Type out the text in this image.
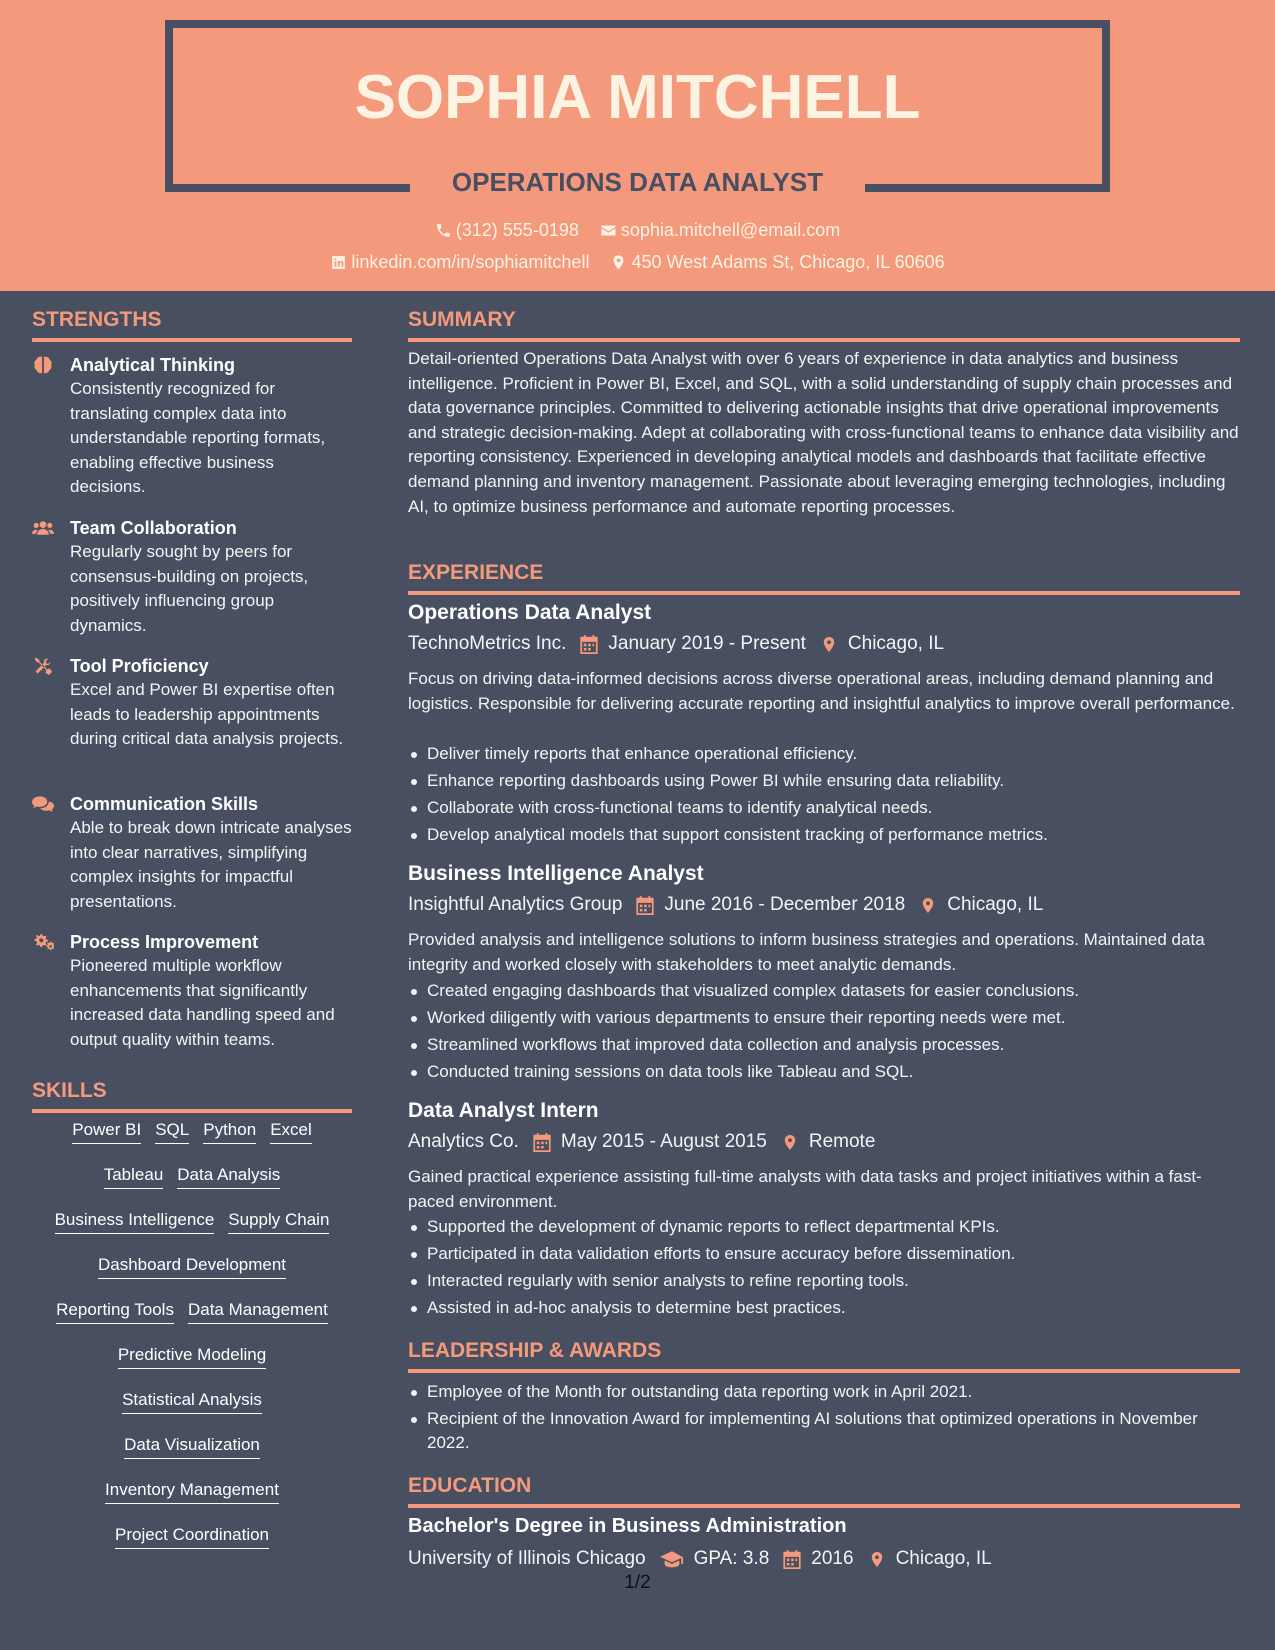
SOPHIA MITCHELL
OPERATIONS DATA ANALYST
(312) 555-0198
sophia.mitchell@email.com
linkedin.com/in/sophiamitchell
450 West Adams St, Chicago, IL 60606
STRENGTHS
Analytical Thinking
Consistently recognized for translating complex data into understandable reporting formats, enabling effective business decisions.
Team Collaboration
Regularly sought by peers for consensus-building on projects, positively influencing group dynamics.
Tool Proficiency
Excel and Power BI expertise often leads to leadership appointments during critical data analysis projects.
Communication Skills
Able to break down intricate analyses into clear narratives, simplifying complex insights for impactful presentations.
Process Improvement
Pioneered multiple workflow enhancements that significantly increased data handling speed and output quality within teams.
SKILLS
Power BI SQL Python Excel
Tableau Data Analysis
Business Intelligence Supply Chain
Dashboard Development
Reporting Tools Data Management
Predictive Modeling
Statistical Analysis
Data Visualization
Inventory Management
Project Coordination
SUMMARY
Detail-oriented Operations Data Analyst with over 6 years of experience in data analytics and business intelligence. Proficient in Power BI, Excel, and SQL, with a solid understanding of supply chain processes and data governance principles. Committed to delivering actionable insights that drive operational improvements and strategic decision-making. Adept at collaborating with cross-functional teams to enhance data visibility and reporting consistency. Experienced in developing analytical models and dashboards that facilitate effective demand planning and inventory management. Passionate about leveraging emerging technologies, including AI, to optimize business performance and automate reporting processes.
EXPERIENCE
Operations Data Analyst
TechnoMetrics Inc. January 2019 - Present Chicago, IL
Focus on driving data-informed decisions across diverse operational areas, including demand planning and logistics. Responsible for delivering accurate reporting and insightful analytics to improve overall performance.
Deliver timely reports that enhance operational efficiency.
Enhance reporting dashboards using Power BI while ensuring data reliability.
Collaborate with cross-functional teams to identify analytical needs.
Develop analytical models that support consistent tracking of performance metrics.
Business Intelligence Analyst
Insightful Analytics Group June 2016 - December 2018 Chicago, IL
Provided analysis and intelligence solutions to inform business strategies and operations. Maintained data integrity and worked closely with stakeholders to meet analytic demands.
Created engaging dashboards that visualized complex datasets for easier conclusions.
Worked diligently with various departments to ensure their reporting needs were met.
Streamlined workflows that improved data collection and analysis processes.
Conducted training sessions on data tools like Tableau and SQL.
Data Analyst Intern
Analytics Co. May 2015 - August 2015 Remote
Gained practical experience assisting full-time analysts with data tasks and project initiatives within a fast-paced environment.
Supported the development of dynamic reports to reflect departmental KPIs.
Participated in data validation efforts to ensure accuracy before dissemination.
Interacted regularly with senior analysts to refine reporting tools.
Assisted in ad-hoc analysis to determine best practices.
LEADERSHIP & AWARDS
Employee of the Month for outstanding data reporting work in April 2021.
Recipient of the Innovation Award for implementing AI solutions that optimized operations in November 2022.
EDUCATION
Bachelor's Degree in Business Administration
University of Illinois Chicago	GPA: 3.8 2016 Chicago, IL
1/2
